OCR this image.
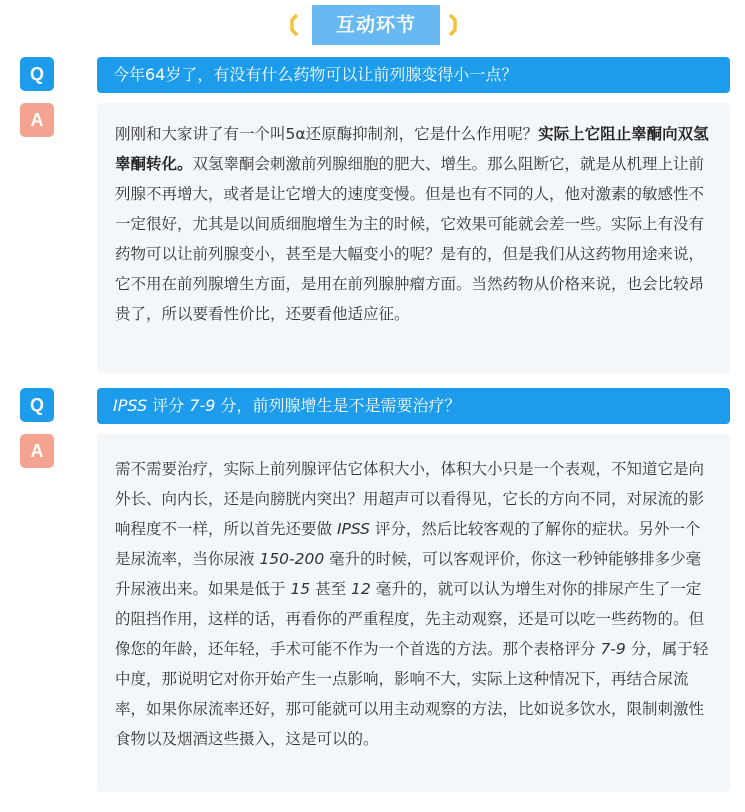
互动环节
Q	今年64岁了，有没有什么药物可以让前列腺变得小一点？
A
刚刚和大家讲了有一个叫5α还原酶抑制剂，它是什么作用呢？实际上它阻止睾酮向双氢睾酮转化。双氢睾酮会刺激前列腺细胞的肥大、增生。那么阻断它，就是从机理上让前列腺不再增大，或者是让它增大的速度变慢。但是也有不同的人，他对激素的敏感性不一定很好，尤其是以间质细胞增生为主的时候，它效果可能就会差一些。实际上有没有药物可以让前列腺变小，甚至是大幅变小的呢？是有的，但是我们从这药物用途来说，它不用在前列腺增生方面，是用在前列腺肿瘤方面。当然药物从价格来说，也会比较昂贵了，所以要看性价比，还要看他适应征。
Q	IPSS 评分 7-9 分，前列腺增生是不是需要治疗？
A
需不需要治疗，实际上前列腺评估它体积大小，体积大小只是一个表观，不知道它是向外长、向内长，还是向膀胱内突出？用超声可以看得见，它长的方向不同，对尿流的影响程度不一样，所以首先还要做 IPSS 评分，然后比较客观的了解你的症状。另外一个是尿流率，当你尿液 150-200 毫升的时候，可以客观评价，你这一秒钟能够排多少毫升尿液出来。如果是低于 15 甚至 12 毫升的，就可以认为增生对你的排尿产生了一定的阻挡作用，这样的话，再看你的严重程度，先主动观察，还是可以吃一些药物的。但像您的年龄，还年轻，手术可能不作为一个首选的方法。那个表格评分 7-9 分，属于轻中度，那说明它对你开始产生一点影响，影响不大，实际上这种情况下，再结合尿流率，如果你尿流率还好，那可能就可以用主动观察的方法，比如说多饮水，限制刺激性食物以及烟酒这些摄入，这是可以的。
